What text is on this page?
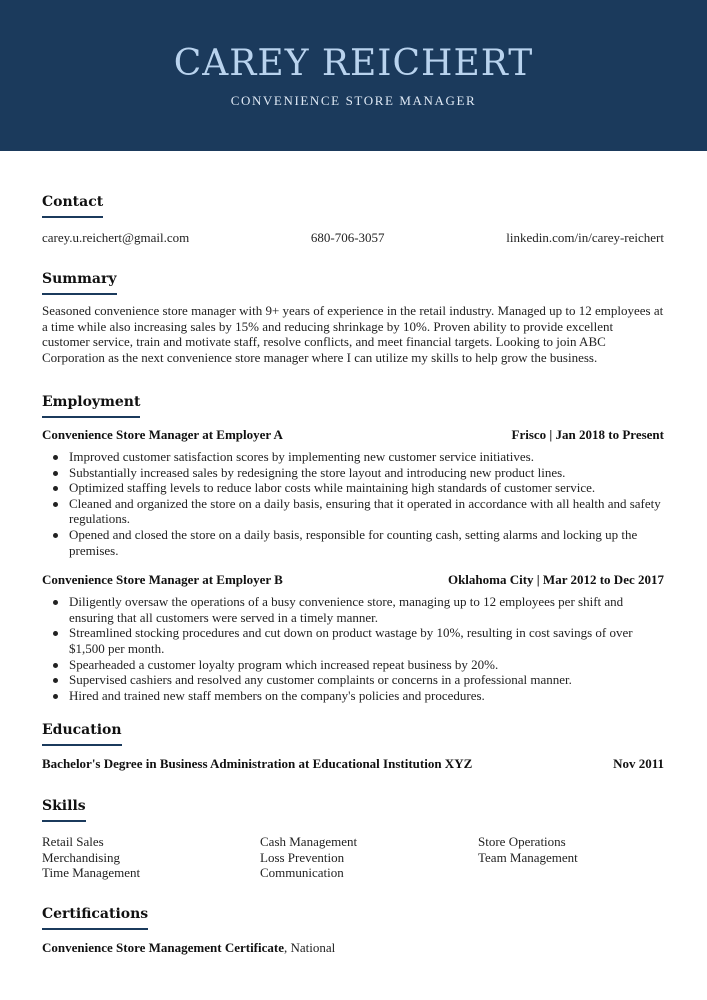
CAREY REICHERT
CONVENIENCE STORE MANAGER
Contact
carey.u.reichert@gmail.com	680-706-3057	linkedin.com/in/carey-reichert
Summary

Seasoned convenience store manager with 9+ years of experience in the retail industry. Managed up to 12 employees at a time while also increasing sales by 15% and reducing shrinkage by 10%. Proven ability to provide excellent customer service, train and motivate staff, resolve conflicts, and meet financial targets. Looking to join ABC Corporation as the next convenience store manager where I can utilize my skills to help grow the business.

Employment
Convenience Store Manager at Employer A	Frisco | Jan 2018 to Present
Improved customer satisfaction scores by implementing new customer service initiatives.
Substantially increased sales by redesigning the store layout and introducing new product lines.
Optimized staffing levels to reduce labor costs while maintaining high standards of customer service.
Cleaned and organized the store on a daily basis, ensuring that it operated in accordance with all health and safety regulations.
Opened and closed the store on a daily basis, responsible for counting cash, setting alarms and locking up the premises.
Convenience Store Manager at Employer B	Oklahoma City | Mar 2012 to Dec 2017
Diligently oversaw the operations of a busy convenience store, managing up to 12 employees per shift and ensuring that all customers were served in a timely manner.
Streamlined stocking procedures and cut down on product wastage by 10%, resulting in cost savings of over $1,500 per month.
Spearheaded a customer loyalty program which increased repeat business by 20%.
Supervised cashiers and resolved any customer complaints or concerns in a professional manner.
Hired and trained new staff members on the company's policies and procedures.
Education
Bachelor's Degree in Business Administration at Educational Institution XYZ	Nov 2011
Skills
Retail Sales	Cash Management	Store Operations
Merchandising	Loss Prevention	Team Management
Time Management	Communication
Certifications
Convenience Store Management Certificate, National
